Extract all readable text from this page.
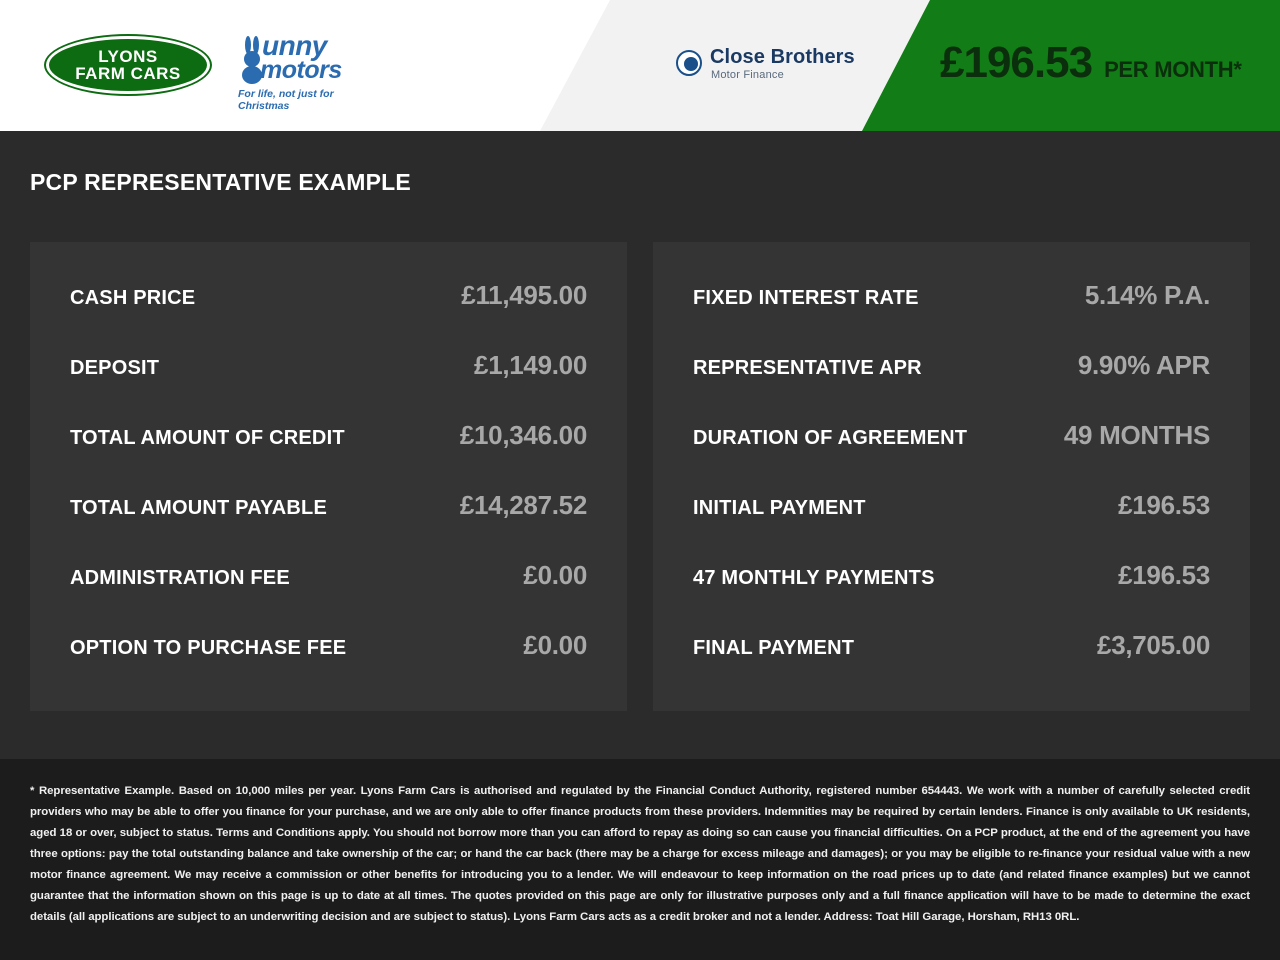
LYONS
FARM CARS
unny
motors
For life, not just for Christmas
Close Brothers
Motor Finance	£196.53 PER MONTH*
PCP REPRESENTATIVE EXAMPLE
CASH PRICE	£11,495.00
DEPOSIT	£1,149.00
TOTAL AMOUNT OF CREDIT	£10,346.00
TOTAL AMOUNT PAYABLE	£14,287.52
ADMINISTRATION FEE	£0.00
OPTION TO PURCHASE FEE	£0.00
FIXED INTEREST RATE	5.14% P.A.
REPRESENTATIVE APR	9.90% APR
DURATION OF AGREEMENT	49 MONTHS
INITIAL PAYMENT	£196.53
47 MONTHLY PAYMENTS	£196.53
FINAL PAYMENT	£3,705.00

* Representative Example. Based on 10,000 miles per year. Lyons Farm Cars is authorised and regulated by the Financial Conduct Authority, registered number 654443. We work with a number of carefully selected credit providers who may be able to offer you finance for your purchase, and we are only able to offer finance products from these providers. Indemnities may be required by certain lenders. Finance is only available to UK residents, aged 18 or over, subject to status. Terms and Conditions apply. You should not borrow more than you can afford to repay as doing so can cause you financial difficulties. On a PCP product, at the end of the agreement you have three options: pay the total outstanding balance and take ownership of the car; or hand the car back (there may be a charge for excess mileage and damages); or you may be eligible to re-finance your residual value with a new motor finance agreement. We may receive a commission or other benefits for introducing you to a lender. We will endeavour to keep information on the road prices up to date (and related finance examples) but we cannot guarantee that the information shown on this page is up to date at all times. The quotes provided on this page are only for illustrative purposes only and a full finance application will have to be made to determine the exact details (all applications are subject to an underwriting decision and are subject to status). Lyons Farm Cars acts as a credit broker and not a lender. Address: Toat Hill Garage, Horsham, RH13 0RL.
